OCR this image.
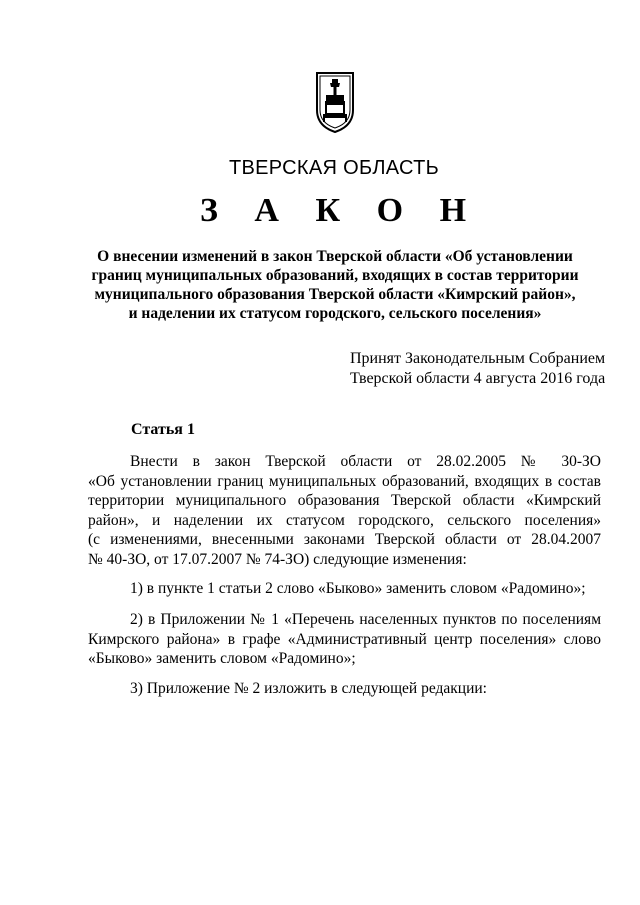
ТВЕРСКАЯ ОБЛАСТЬ
З А К О Н
О внесении изменений в закон Тверской области «Об установлении
границ муниципальных образований, входящих в состав территории
муниципального образования Тверской области «Кимрский район»,
и наделении их статусом городского, сельского поселения»
Принят Законодательным Собранием
Тверской области 4 августа 2016 года
Статья 1
Внести в закон Тверской области от 28.02.2005 № 30-ЗО
«Об установлении границ муниципальных образований, входящих в состав
территории муниципального образования Тверской области «Кимрский
район», и наделении их статусом городского, сельского поселения»
(с изменениями, внесенными законами Тверской области от 28.04.2007
№ 40-ЗО, от 17.07.2007 № 74-ЗО) следующие изменения:
1) в пункте 1 статьи 2 слово «Быково» заменить словом «Радомино»;
2) в Приложении № 1 «Перечень населенных пунктов по поселениям
Кимрского района» в графе «Административный центр поселения» слово
«Быково» заменить словом «Радомино»;
3) Приложение № 2 изложить в следующей редакции:
